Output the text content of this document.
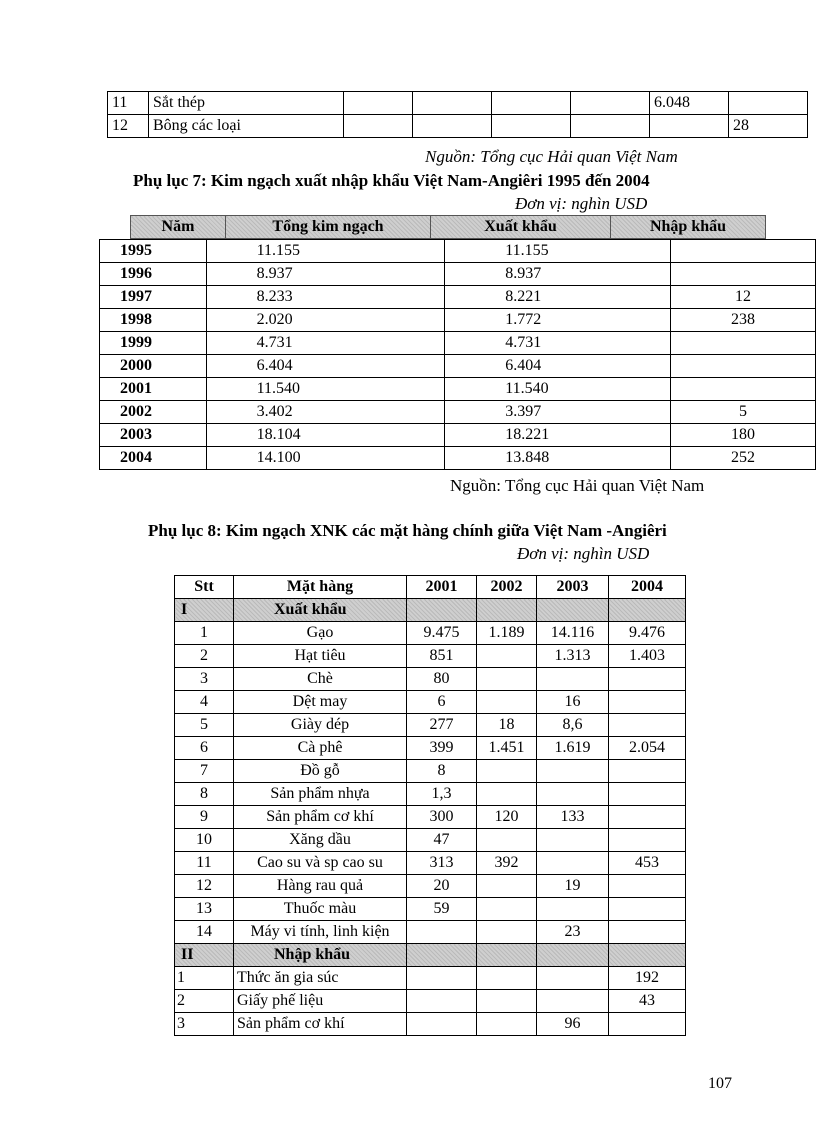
11	Sắt thép					6.048	
12	Bông các loại						28
Nguồn: Tổng cục Hải quan Việt Nam
Phụ lục 7: Kim ngạch xuất nhập khẩu Việt Nam-Angiêri 1995 đến 2004
Đơn vị: nghìn USD
Năm	Tổng kim ngạch	Xuất khẩu	Nhập khẩu
1995	11.155	11.155	
1996	8.937	8.937	
1997	8.233	8.221	12
1998	2.020	1.772	238
1999	4.731	4.731	
2000	6.404	6.404	
2001	11.540	11.540	
2002	3.402	3.397	5
2003	18.104	18.221	180
2004	14.100	13.848	252
Nguồn: Tổng cục Hải quan Việt Nam
Phụ lục 8: Kim ngạch XNK các mặt hàng chính giữa Việt Nam -Angiêri
Đơn vị: nghìn USD
Stt	Mặt hàng	2001	2002	2003	2004
I	Xuất khẩu				
1	Gạo	9.475	1.189	14.116	9.476
2	Hạt tiêu	851		1.313	1.403
3	Chè	80			
4	Dệt may	6		16	
5	Giày dép	277	18	8,6	
6	Cà phê	399	1.451	1.619	2.054
7	Đồ gỗ	8			
8	Sản phẩm nhựa	1,3			
9	Sản phẩm cơ khí	300	120	133	
10	Xăng dầu	47			
11	Cao su và sp cao su	313	392		453
12	Hàng rau quả	20		19	
13	Thuốc màu	59			
14	Máy vi tính, linh kiện			23	
II	Nhập khẩu				
1	Thức ăn gia súc				192
2	Giấy phế liệu				43
3	Sản phẩm cơ khí			96	
107
